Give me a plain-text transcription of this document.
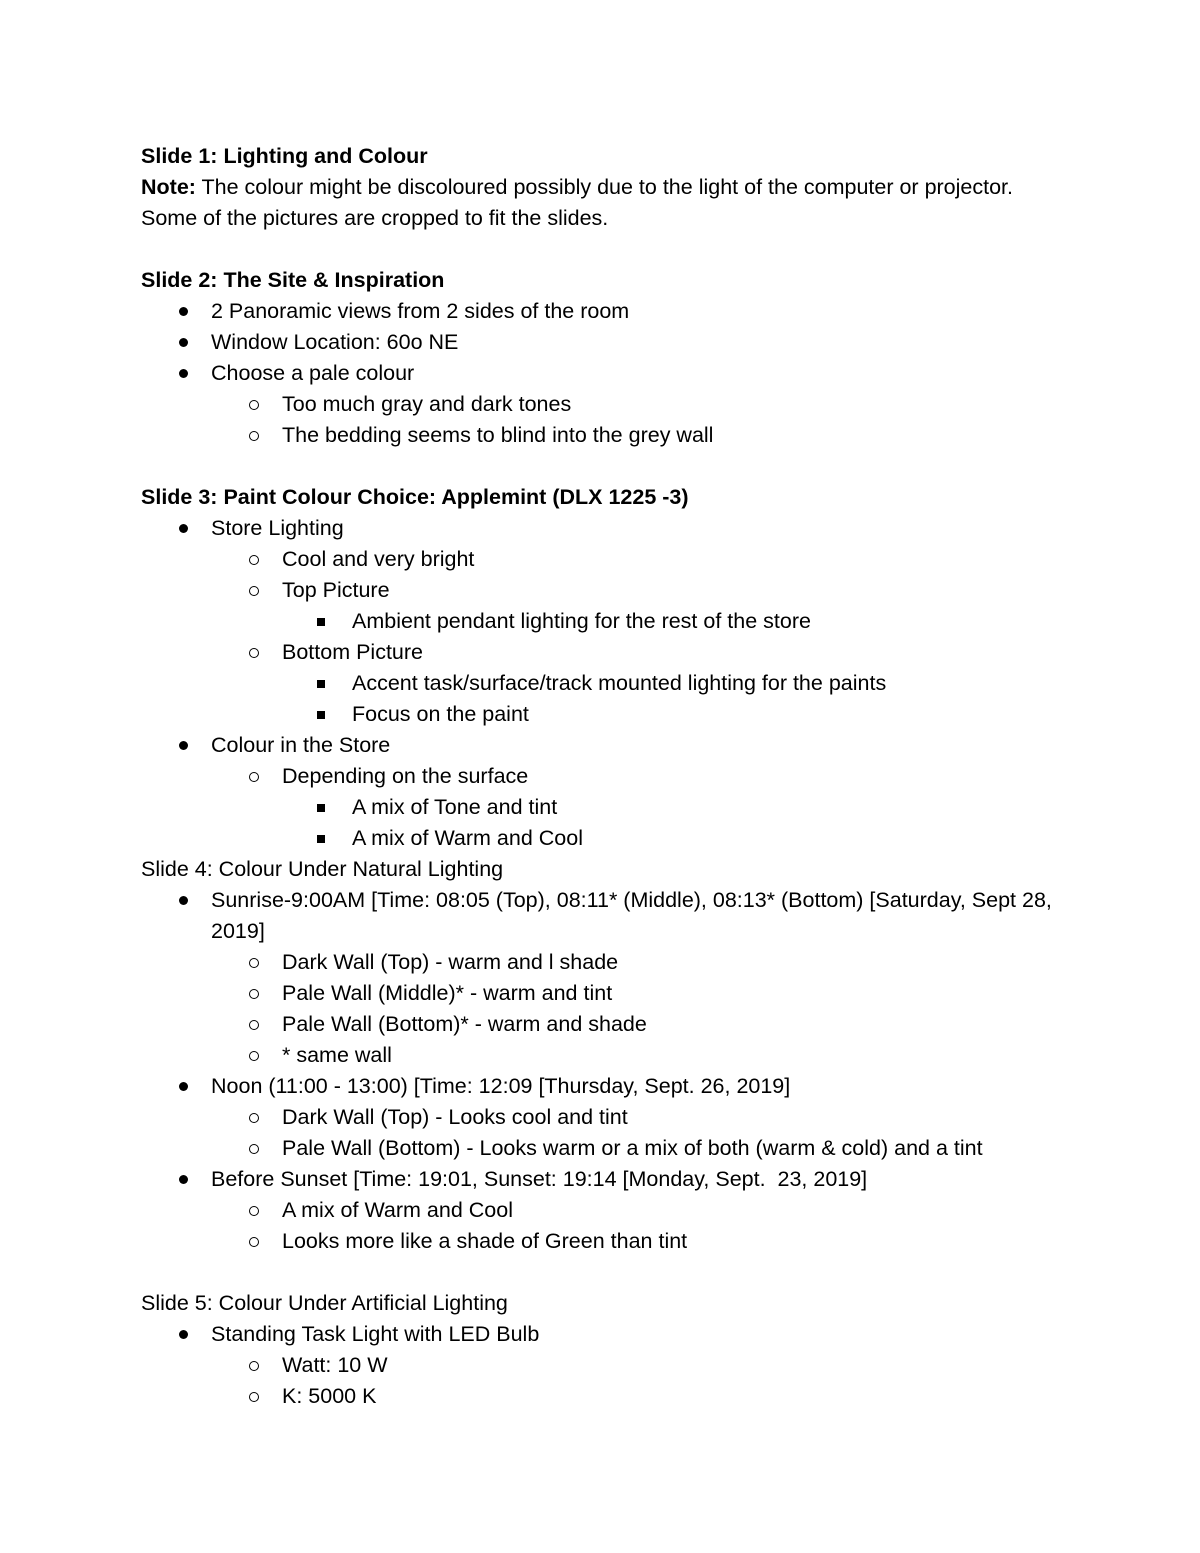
Slide 1: Lighting and Colour
Note: The colour might be discoloured possibly due to the light of the computer or projector. Some of the pictures are cropped to fit the slides.
Slide 2: The Site & Inspiration
2 Panoramic views from 2 sides of the room
Window Location: 60o NE
Choose a pale colour
Too much gray and dark tones
The bedding seems to blind into the grey wall
Slide 3: Paint Colour Choice: Applemint (DLX 1225 -3)
Store Lighting
Cool and very bright
Top Picture
Ambient pendant lighting for the rest of the store
Bottom Picture
Accent task/surface/track mounted lighting for the paints
Focus on the paint
Colour in the Store
Depending on the surface
A mix of Tone and tint
A mix of Warm and Cool
Slide 4: Colour Under Natural Lighting
Sunrise-9:00AM [Time: 08:05 (Top), 08:11* (Middle), 08:13* (Bottom) [Saturday, Sept 28, 2019]
Dark Wall (Top) - warm and l shade
Pale Wall (Middle)* - warm and tint
Pale Wall (Bottom)* - warm and shade
* same wall
Noon (11:00 - 13:00) [Time: 12:09 [Thursday, Sept. 26, 2019]
Dark Wall (Top) - Looks cool and tint
Pale Wall (Bottom) - Looks warm or a mix of both (warm & cold) and a tint
Before Sunset [Time: 19:01, Sunset: 19:14 [Monday, Sept.  23, 2019]
A mix of Warm and Cool
Looks more like a shade of Green than tint
Slide 5: Colour Under Artificial Lighting
Standing Task Light with LED Bulb
Watt: 10 W
K: 5000 K
